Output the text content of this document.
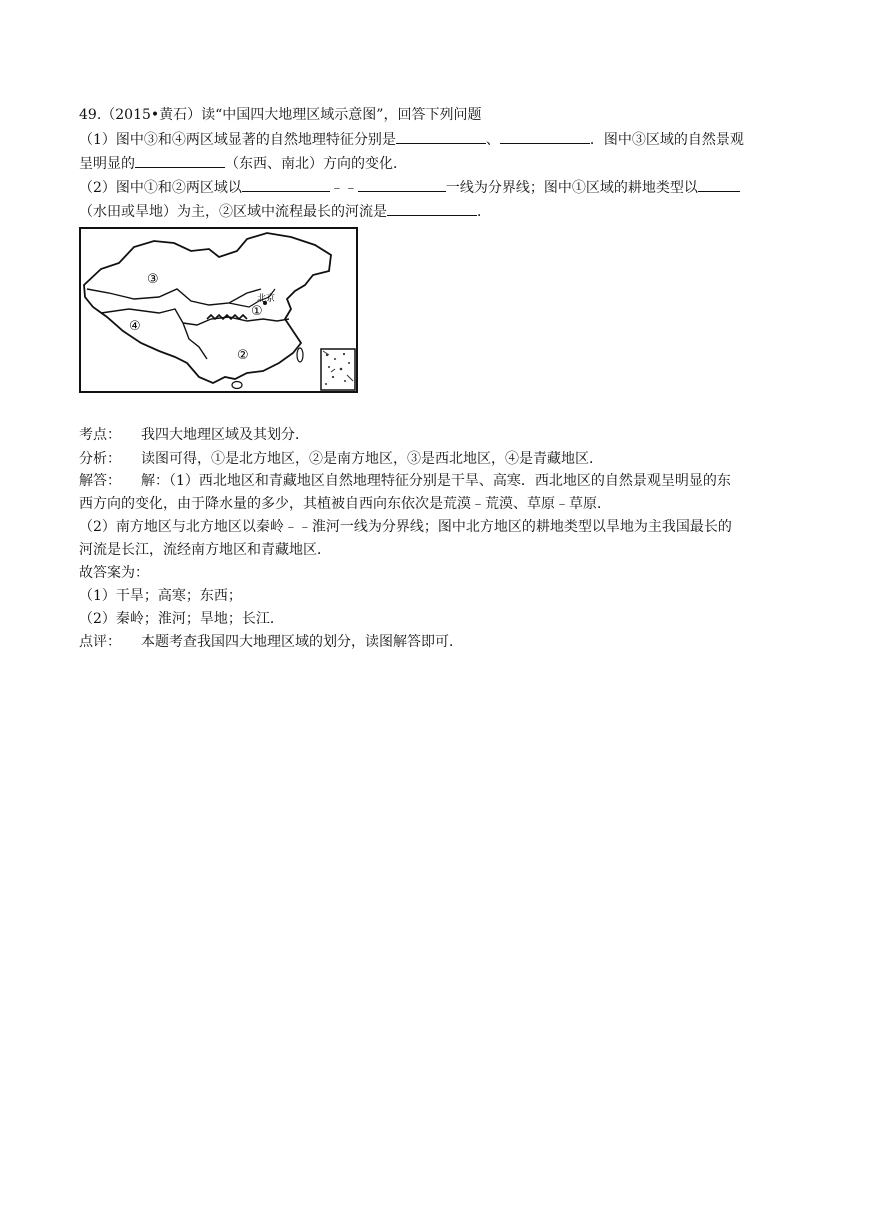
49.（2015•黄石）读“中国四大地理区域示意图”，回答下列问题
（1）图中③和④两区域显著的自然地理特征分别是	、	．图中③区域的自然景观
呈明显的	（东西、南北）方向的变化．
（2）图中①和②两区域以	﹣﹣	一线为分界线；图中①区域的耕地类型以
（水田或旱地）为主，②区域中流程最长的河流是	．
①
②
③
④
北京
考点： 我四大地理区域及其划分．
分析： 读图可得，①是北方地区，②是南方地区，③是西北地区，④是青藏地区．
解答： 解：（1）西北地区和青藏地区自然地理特征分别是干旱、高寒．西北地区的自然景观呈明显的东
西方向的变化，由于降水量的多少，其植被自西向东依次是荒漠﹣荒漠、草原﹣草原．
（2）南方地区与北方地区以秦岭﹣﹣淮河一线为分界线；图中北方地区的耕地类型以旱地为主我国最长的
河流是长江，流经南方地区和青藏地区．
故答案为：
（1）干旱；高寒；东西；
（2）秦岭；淮河；旱地；长江．
点评： 本题考查我国四大地理区域的划分，读图解答即可．
